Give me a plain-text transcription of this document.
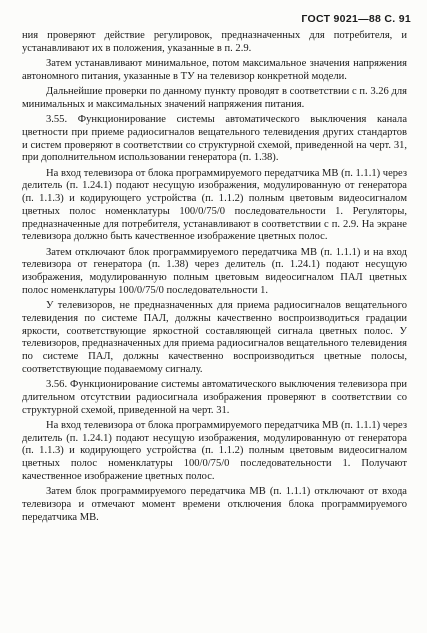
ГОСТ 9021—88 С. 91

ния проверяют действие регулировок, предназначенных для потребителя, и устанавливают их в положения, указанные в п. 2.9.

Затем устанавливают минимальное, потом максимальное значения напряжения автономного питания, указанные в ТУ на телевизор конкретной модели.

Дальнейшие проверки по данному пункту проводят в соответствии с п. 3.26 для минимальных и максимальных значений напряжения питания.

3.55. Функционирование системы автоматического выключения канала цветности при приеме радиосигналов вещательного телевидения других стандартов и систем проверяют в соответствии со структурной схемой, приведенной на черт. 31, при дополнительном использовании генератора (п. 1.38).

На вход телевизора от блока программируемого передатчика МВ (п. 1.1.1) через делитель (п. 1.24.1) подают несущую изображения, модулированную от генератора (п. 1.1.3) и кодирующего устройства (п. 1.1.2) полным цветовым видеосигналом цветных полос номенклатуры 100/0/75/0 последовательности 1. Регуляторы, предназначенные для потребителя, устанавливают в соответствии с п. 2.9. На экране телевизора должно быть качественное изображение цветных полос.

Затем отключают блок программируемого передатчика МВ (п. 1.1.1) и на вход телевизора от генератора (п. 1.38) через делитель (п. 1.24.1) подают несущую изображения, модулированную полным цветовым видеосигналом ПАЛ цветных полос номенклатуры 100/0/75/0 последовательности 1.

У телевизоров, не предназначенных для приема радиосигналов вещательного телевидения по системе ПАЛ, должны качественно воспроизводиться градации яркости, соответствующие яркостной составляющей сигнала цветных полос. У телевизоров, предназначенных для приема радиосигналов вещательного телевидения по системе ПАЛ, должны качественно воспроизводиться цветные полосы, соответствующие подаваемому сигналу.

3.56. Функционирование системы автоматического выключения телевизора при длительном отсутствии радиосигнала изображения проверяют в соответствии со структурной схемой, приведенной на черт. 31.

На вход телевизора от блока программируемого передатчика МВ (п. 1.1.1) через делитель (п. 1.24.1) подают несущую изображения, модулированную от генератора (п. 1.1.3) и кодирующего устройства (п. 1.1.2) полным цветовым видеосигналом цветных полос номенклатуры 100/0/75/0 последовательности 1. Получают качественное изображение цветных полос.

Затем блок программируемого передатчика МВ (п. 1.1.1) отключают от входа телевизора и отмечают момент времени отключения блока программируемого передатчика МВ.
